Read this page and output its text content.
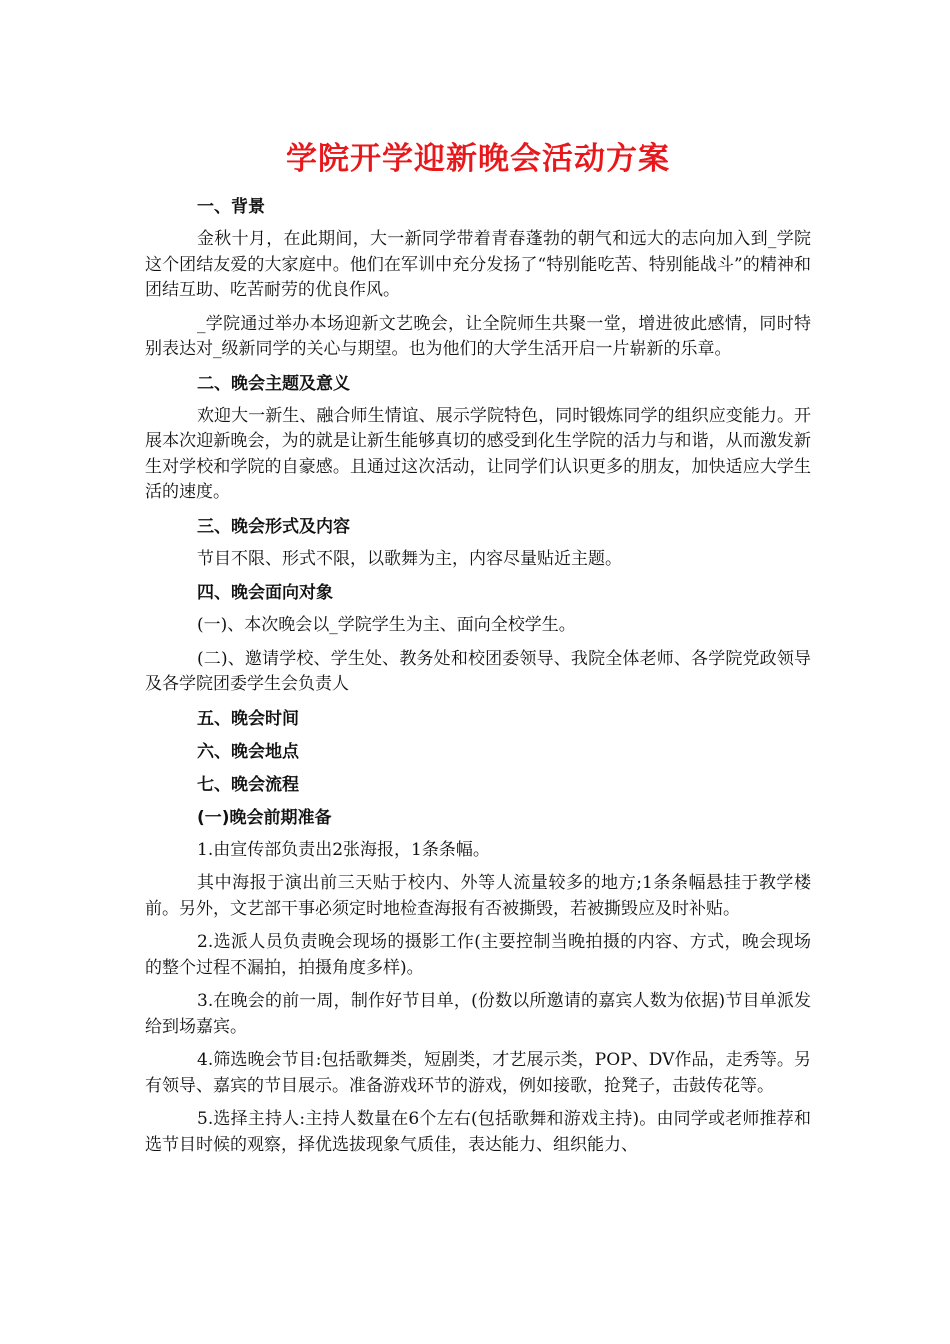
学院开学迎新晚会活动方案
一、背景

金秋十月，在此期间，大一新同学带着青春蓬勃的朝气和远大的志向加入到_学院这个团结友爱的大家庭中。他们在军训中充分发扬了“特别能吃苦、特别能战斗”的精神和团结互助、吃苦耐劳的优良作风。

_学院通过举办本场迎新文艺晚会，让全院师生共聚一堂，增进彼此感情，同时特别表达对_级新同学的关心与期望。也为他们的大学生活开启一片崭新的乐章。

二、晚会主题及意义

欢迎大一新生、融合师生情谊、展示学院特色，同时锻炼同学的组织应变能力。开展本次迎新晚会，为的就是让新生能够真切的感受到化生学院的活力与和谐，从而激发新生对学校和学院的自豪感。且通过这次活动，让同学们认识更多的朋友，加快适应大学生活的速度。

三、晚会形式及内容

节目不限、形式不限，以歌舞为主，内容尽量贴近主题。

四、晚会面向对象

(一)、本次晚会以_学院学生为主、面向全校学生。

(二)、邀请学校、学生处、教务处和校团委领导、我院全体老师、各学院党政领导及各学院团委学生会负责人

五、晚会时间
六、晚会地点
七、晚会流程
(一)晚会前期准备

1.由宣传部负责出2张海报，1条条幅。

其中海报于演出前三天贴于校内、外等人流量较多的地方;1条条幅悬挂于教学楼前。另外，文艺部干事必须定时地检查海报有否被撕毁，若被撕毁应及时补贴。

2.选派人员负责晚会现场的摄影工作(主要控制当晚拍摄的内容、方式，晚会现场的整个过程不漏拍，拍摄角度多样)。

3.在晚会的前一周，制作好节目单，(份数以所邀请的嘉宾人数为依据)节目单派发给到场嘉宾。

4.筛选晚会节目:包括歌舞类，短剧类，才艺展示类，POP、DV作品，走秀等。另有领导、嘉宾的节目展示。准备游戏环节的游戏，例如接歌，抢凳子，击鼓传花等。

5.选择主持人:主持人数量在6个左右(包括歌舞和游戏主持)。由同学或老师推荐和选节目时候的观察，择优选拔现象气质佳，表达能力、组织能力、
